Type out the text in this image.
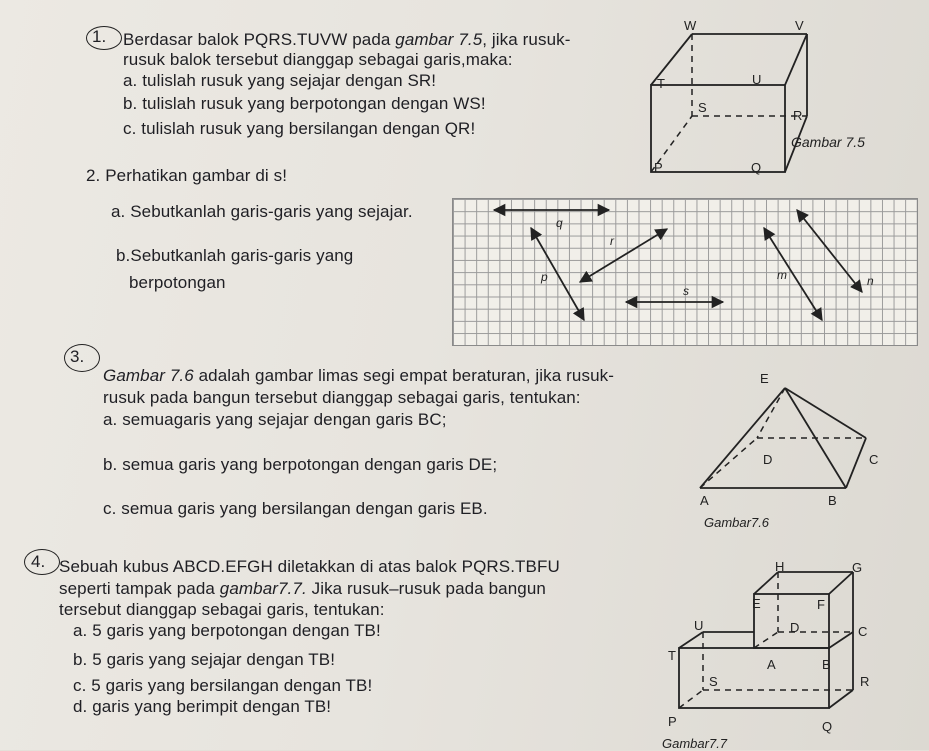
1. Berdasar balok PQRS.TUVW pada gambar 7.5, jika rusuk-
rusuk balok tersebut dianggap sebagai garis,maka:
a. tulislah rusuk yang sejajar dengan SR!
b. tulislah rusuk yang berpotongan dengan WS!
c. tulislah rusuk yang bersilangan dengan QR!
W	V
T	U
S
R
P	Q
Gambar 7.5
2. Perhatikan gambar di s!
a. Sebutkanlah garis-garis yang sejajar.
b.Sebutkanlah garis-garis yang
berpotongan
q
r
p
s
m	n
3.
Gambar 7.6 adalah gambar limas segi empat beraturan, jika rusuk-
rusuk pada bangun tersebut dianggap sebagai garis, tentukan:
a. semuagaris yang sejajar dengan garis BC;
b. semua garis yang berpotongan dengan garis DE;
c. semua garis yang bersilangan dengan garis EB.
E
D	C
A	B
Gambar7.6
4. Sebuah kubus ABCD.EFGH diletakkan di atas balok PQRS.TBFU
seperti tampak pada gambar7.7. Jika rusuk–rusuk pada bangun
tersebut dianggap sebagai garis, tentukan:
a. 5 garis yang berpotongan dengan TB!
b. 5 garis yang sejajar dengan TB!
c. 5 garis yang bersilangan dengan TB!
d. garis yang berimpit dengan TB!
H	G
E	F
U	D	C
T
A	B
S	R
P	Q
Gambar7.7
